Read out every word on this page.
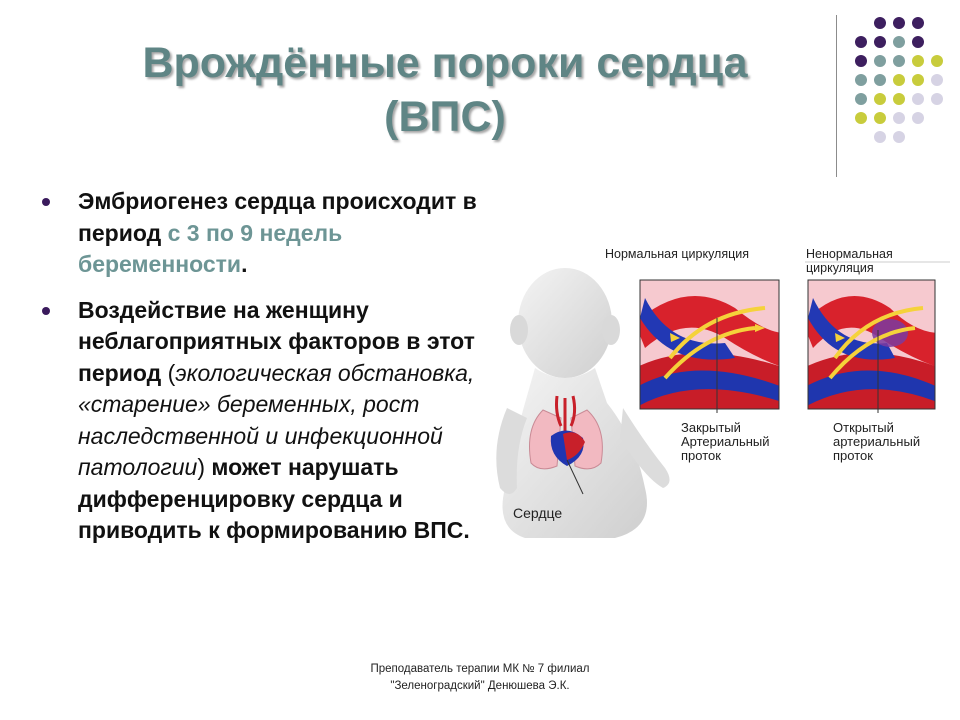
Врождённые пороки сердца
(ВПС)
Эмбриогенез сердца происходит в период с 3 по 9 недель беременности.
Воздействие на женщину неблагоприятных факторов в этот период (экологическая обстановка, «старение» беременных, рост наследственной и инфекционной патологии) может нарушать дифференцировку сердца и приводить к формированию ВПС.
Нормальная циркуляция	Ненормальная
циркуляция
Закрытый
Артериальный
проток
Открытый
артериальный
проток
Сердце
Преподаватель терапии МК № 7 филиал
"Зеленоградский" Денюшева Э.К.
